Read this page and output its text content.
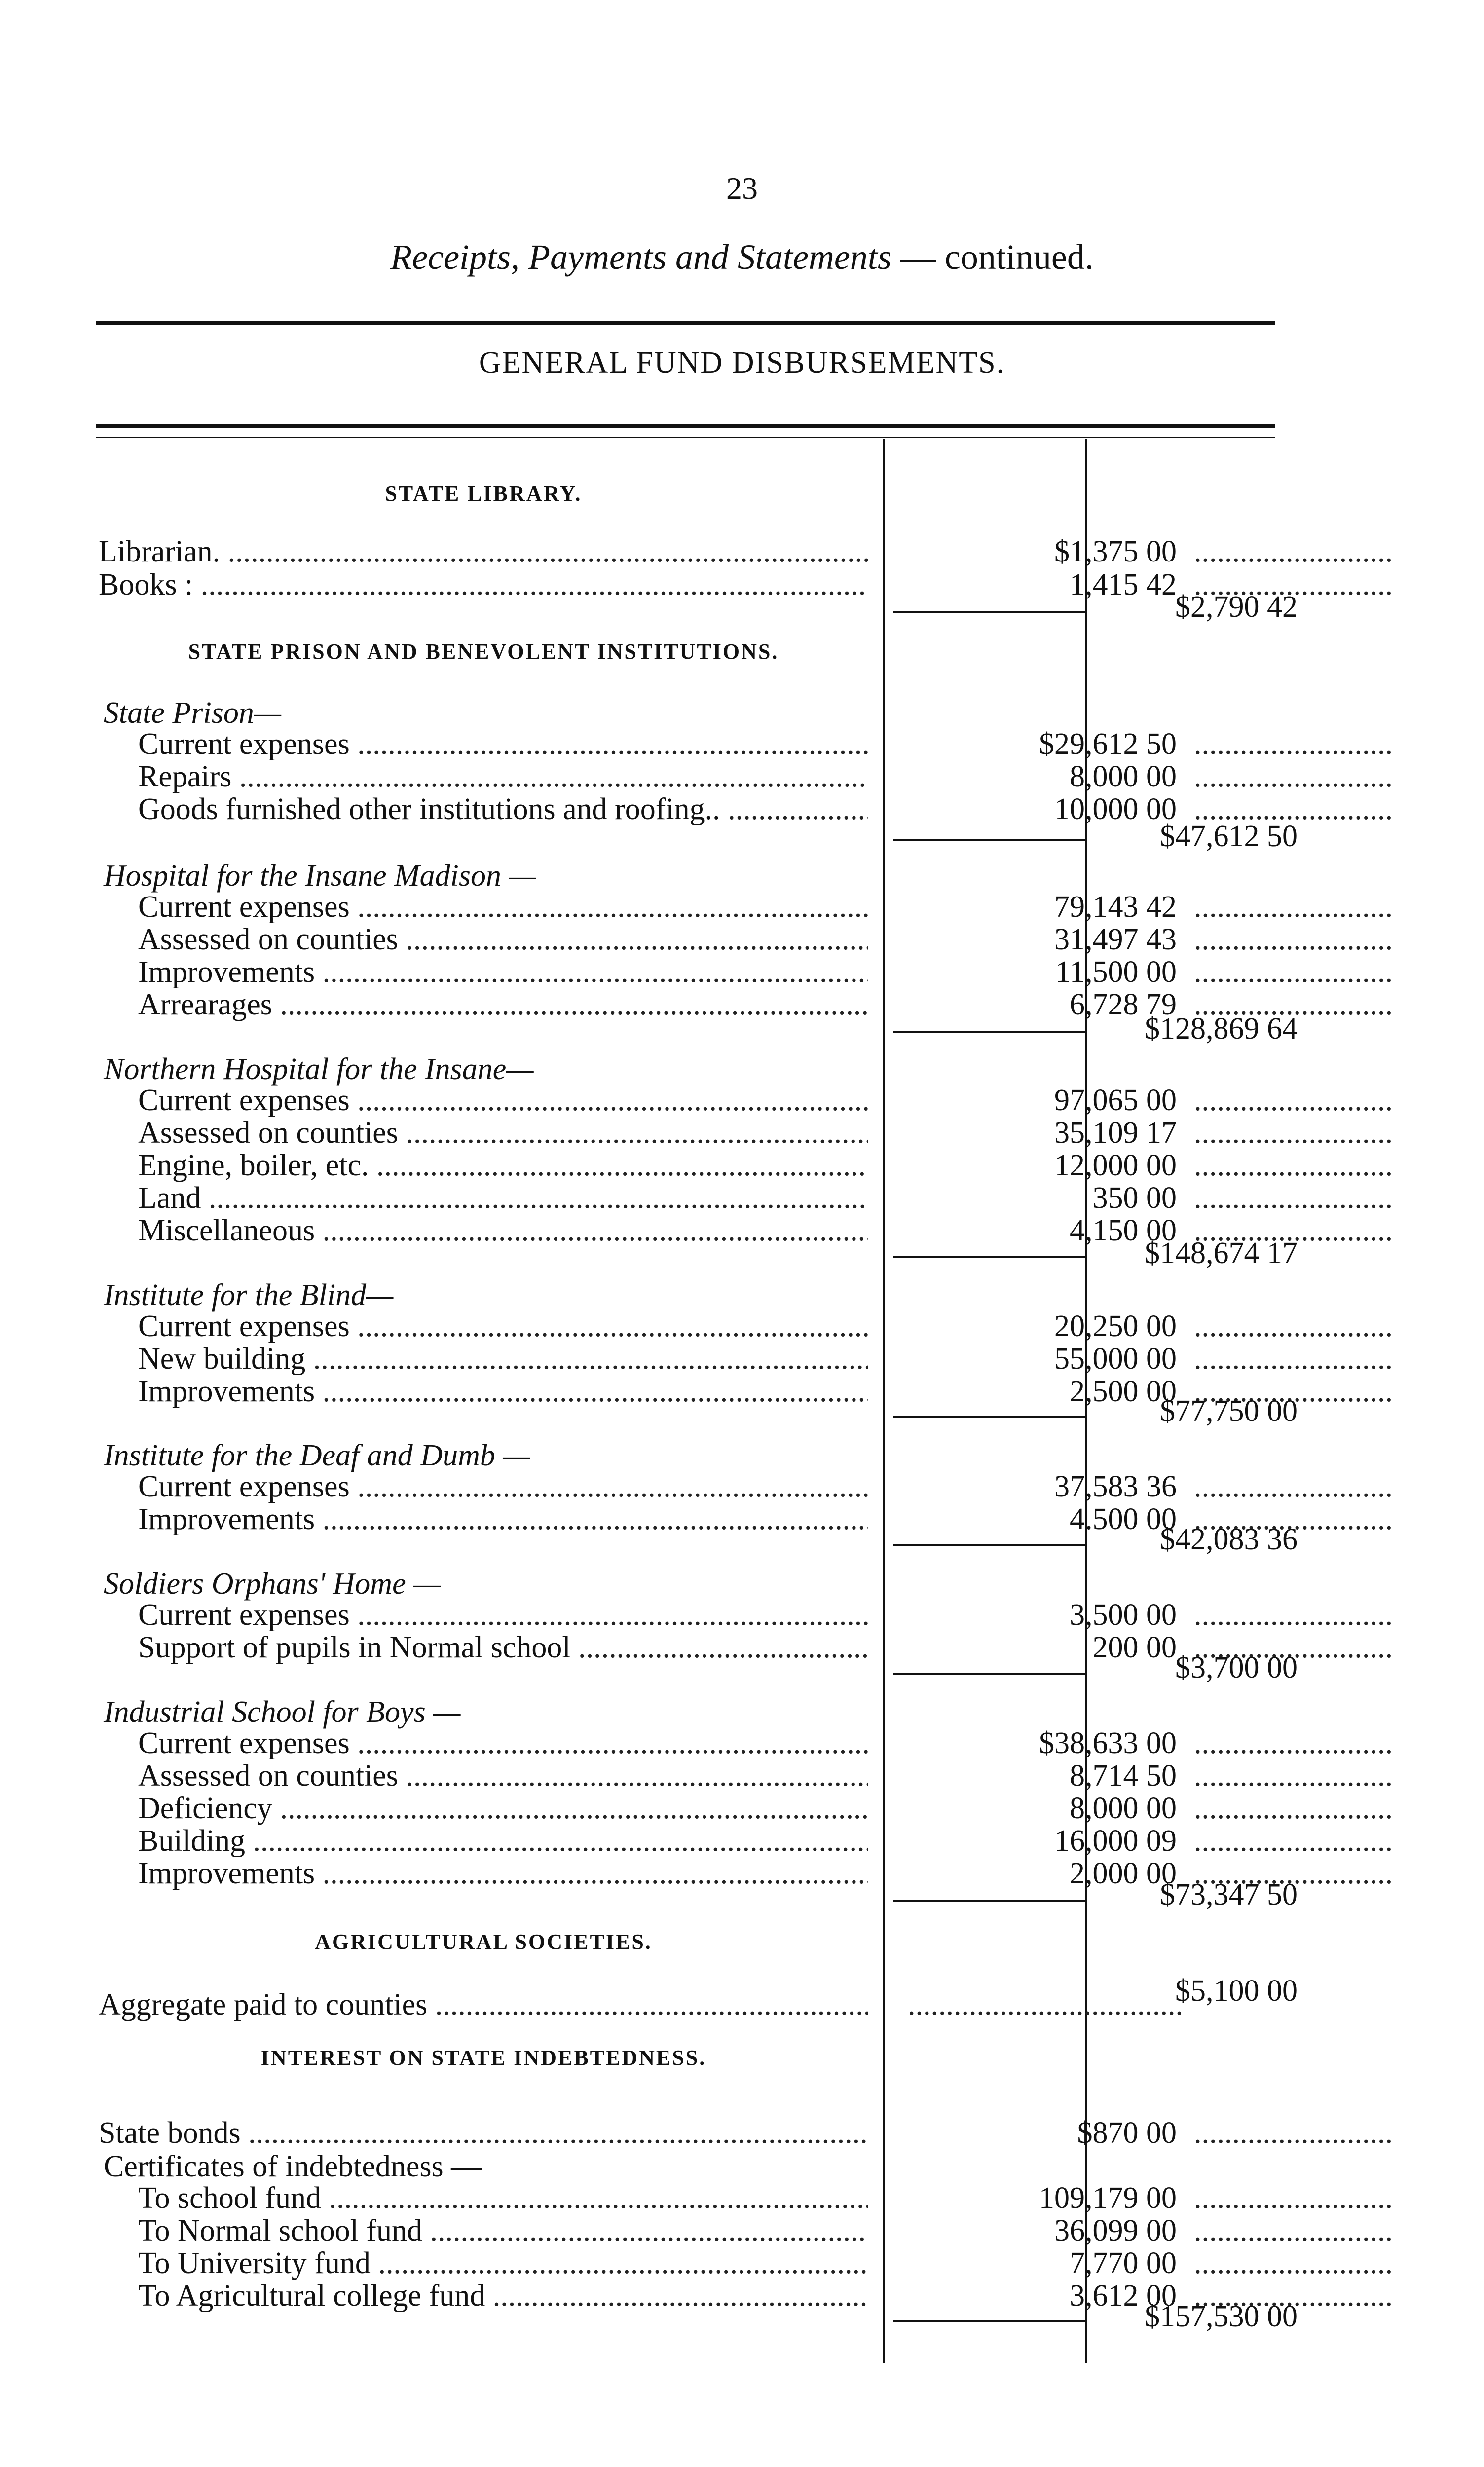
23
Receipts, Payments and Statements — continued.
GENERAL FUND DISBURSEMENTS.
STATE LIBRARY.
Librarian. .....	$1,375 00
.....
Books : .....	1,415 42
.....
$2,790 42
STATE PRISON AND BENEVOLENT INSTITUTIONS.
State Prison—
Current expenses .....	$29,612 50
.....
Repairs .....	8,000 00
.....
Goods furnished other institutions and roofing.. .....	10,000 00
.....
$47,612 50
Hospital for the Insane Madison —
Current expenses .....	79,143 42
.....
Assessed on counties .....	31,497 43
.....
Improvements .....	11,500 00
.....
Arrearages .....	6,728 79
.....
$128,869 64
Northern Hospital for the Insane—
Current expenses .....	97,065 00
.....
Assessed on counties .....	35,109 17
.....
Engine, boiler, etc. .....	12,000 00
.....
Land .....	350 00
.....
Miscellaneous .....	4,150 00
.....
$148,674 17
Institute for the Blind—
Current expenses .....	20,250 00
.....
New building .....	55,000 00
.....
Improvements .....	2,500 00
.....
$77,750 00
Institute for the Deaf and Dumb —
Current expenses .....	37,583 36
.....
Improvements .....	4.500 00
.....
$42,083 36
Soldiers Orphans' Home —
Current expenses .....	3,500 00
.....
Support of pupils in Normal school .....	200 00
.....
$3,700 00
Industrial School for Boys —
Current expenses .....	$38,633 00
.....
Assessed on counties .....	8,714 50
.....
Deficiency .....	8,000 00
.....
Building .....	16,000 09
.....
Improvements .....	2,000 00
.....
$73,347 50
AGRICULTURAL SOCIETIES.
Aggregate paid to counties .....	....................................
$5,100 00
INTEREST ON STATE INDEBTEDNESS.
State bonds .....	$870 00
.....
Certificates of indebtedness —
To school fund .....	109,179 00
.....
To Normal school fund .....	36,099 00
.....
To University fund .....	7,770 00
.....
To Agricultural college fund .....	3,612 00
.....
$157,530 00
